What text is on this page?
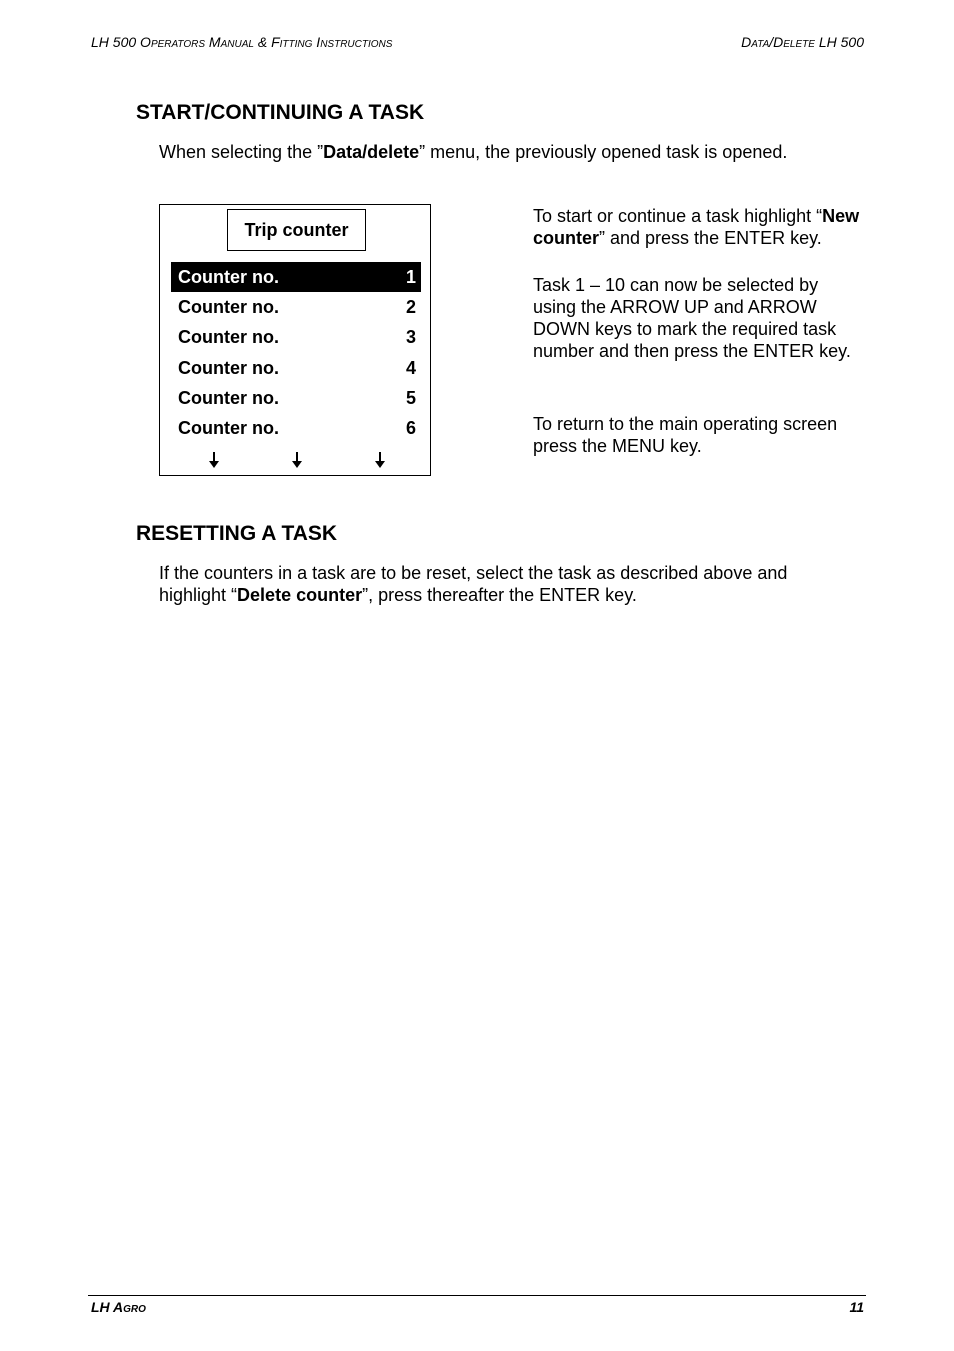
LH 500 Operators Manual & Fitting Instructions	Data/Delete LH 500
START/CONTINUING A TASK
When selecting the ”Data/delete” menu, the previously opened task is opened.
Trip counter
Counter no.	1
Counter no.	2
Counter no.	3
Counter no.	4
Counter no.	5
Counter no.	6
To start or continue a task highlight “New counter” and press the ENTER key.
Task 1 – 10 can now be selected by using the ARROW UP and ARROW DOWN keys to mark the required task number and then press the ENTER key.
To return to the main operating screen press the MENU key.
RESETTING A TASK
If the counters in a task are to be reset, select the task as described above and highlight “Delete counter”, press thereafter the ENTER key.
LH Agro	11
